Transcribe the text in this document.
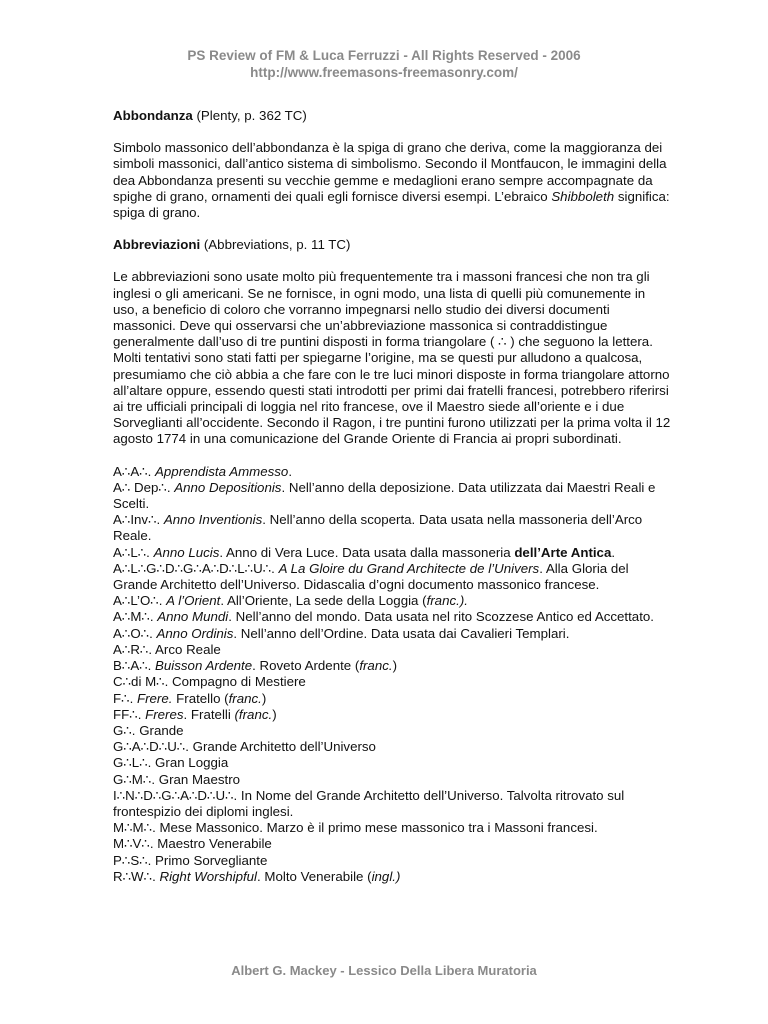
PS Review of FM & Luca Ferruzzi - All Rights Reserved - 2006
http://www.freemasons-freemasonry.com/

Abbondanza (Plenty, p. 362 TC)

Simbolo massonico dell’abbondanza è la spiga di grano che deriva, come la maggioranza dei simboli massonici, dall’antico sistema di simbolismo. Secondo il Montfaucon, le immagini della dea Abbondanza presenti su vecchie gemme e medaglioni erano sempre accompagnate da spighe di grano, ornamenti dei quali egli fornisce diversi esempi. L’ebraico Shibboleth significa: spiga di grano.

Abbreviazioni (Abbreviations, p. 11 TC)

Le abbreviazioni sono usate molto più frequentemente tra i massoni francesi che non tra gli inglesi o gli americani. Se ne fornisce, in ogni modo, una lista di quelli più comunemente in uso, a beneficio di coloro che vorranno impegnarsi nello studio dei diversi documenti massonici. Deve qui osservarsi che un’abbreviazione massonica si contraddistingue generalmente dall’uso di tre puntini disposti in forma triangolare ( ∴ ) che seguono la lettera. Molti tentativi sono stati fatti per spiegarne l’origine, ma se questi pur alludono a qualcosa, presumiamo che ciò abbia a che fare con le tre luci minori disposte in forma triangolare attorno all’altare oppure, essendo questi stati introdotti per primi dai fratelli francesi, potrebbero riferirsi ai tre ufficiali principali di loggia nel rito francese, ove il Maestro siede all’oriente e i due Sorveglianti all’occidente. Secondo il Ragon, i tre puntini furono utilizzati per la prima volta il 12 agosto 1774 in una comunicazione del Grande Oriente di Francia ai propri subordinati.

A∴A∴. Apprendista Ammesso.
A∴ Dep∴. Anno Depositionis. Nell’anno della deposizione. Data utilizzata dai Maestri Reali e Scelti.
A∴Inv∴. Anno Inventionis. Nell’anno della scoperta. Data usata nella massoneria dell’Arco Reale.
A∴L∴. Anno Lucis. Anno di Vera Luce. Data usata dalla massoneria dell’Arte Antica.
A∴L∴G∴D∴G∴A∴D∴L∴U∴. A La Gloire du Grand Architecte de l’Univers. Alla Gloria del Grande Architetto dell’Universo. Didascalia d’ogni documento massonico francese.
A∴L’O∴. A l’Orient. All’Oriente, La sede della Loggia (franc.).
A∴M∴. Anno Mundi. Nell’anno del mondo. Data usata nel rito Scozzese Antico ed Accettato.
A∴O∴. Anno Ordinis. Nell’anno dell’Ordine. Data usata dai Cavalieri Templari.
A∴R∴. Arco Reale
B∴A∴. Buisson Ardente. Roveto Ardente (franc.)
C∴di M∴. Compagno di Mestiere
F∴. Frere. Fratello (franc.)
FF∴. Freres. Fratelli (franc.)
G∴. Grande
G∴A∴D∴U∴. Grande Architetto dell’Universo
G∴L∴. Gran Loggia
G∴M∴. Gran Maestro
I∴N∴D∴G∴A∴D∴U∴. In Nome del Grande Architetto dell’Universo. Talvolta ritrovato sul frontespizio dei diplomi inglesi.
M∴M∴. Mese Massonico. Marzo è il primo mese massonico tra i Massoni francesi.
M∴V∴. Maestro Venerabile
P∴S∴. Primo Sorvegliante
R∴W∴. Right Worshipful. Molto Venerabile (ingl.)
Albert G. Mackey - Lessico Della Libera Muratoria
